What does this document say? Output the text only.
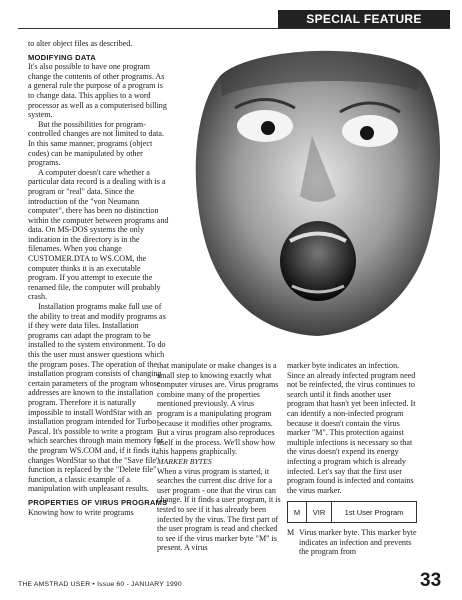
SPECIAL FEATURE

to alter object files as described.

MODIFYING DATA

It's also possible to have one program change the contents of other programs. As a general rule the purpose of a program is to change data. This applies to a word processor as well as a computerised billing system.

But the possibilities for program-controlled changes are not limited to data. In this same manner, programs (object codes) can be manipulated by other programs.

A computer doesn't care whether a particular data record is a dealing with is a program or "real" data. Since the introduction of the "von Neumann computer", there has been no distinction within the computer between programs and data. On MS-DOS systems the only indication in the directory is in the filenames. When you change CUSTOMER.DTA to WS.COM, the computer thinks it is an executable program. If you attempt to execute the renamed file, the computer will probably crash.

Installation programs make full use of the ability to treat and modify programs as if they were data files. Installation programs can adapt the program to be installed to the system environment. To do this the user must answer questions which the program poses. The operation of the installation program consists of changing certain parameters of the program whose addresses are known to the installation program. Therefore it is naturally impossible to install WordStar with an installation program intended for Turbo Pascal. It's possible to write a program which searches through main memory for the program WS.COM and, if it finds it, changes WordStar so that the "Save file" function is replaced by the "Delete file" function, a classic example of a manipulation with unpleasant results.

PROPERTIES OF VIRUS PROGRAMS

Knowing how to write programs

that manipulate or make changes is a small step to knowing exactly what computer viruses are. Virus programs combine many of the properties mentioned previously. A virus program is a manipulating program because it modifies other programs. But a virus program also reproduces itself in the process. We'll show how this happens graphically.

MARKER BYTES

When a virus program is started, it searches the current disc drive for a user program - one that the virus can change. If it finds a user program, it is tested to see if it has already been infected by the virus. The first part of the user program is read and checked to see if the virus marker byte "M" is present. A virus

marker byte indicates an infection. Since an already infected program need not be reinfected, the virus continues to search until it finds another user program that hasn't yet been infected. It can identify a non-infected program because it doesn't contain the virus marker "M". This protection against multiple infections is necessary so that the virus doesn't expend its energy infecting a program which is already infected. Let's say that the first user program found is infected and contains the virus marker.

M	VIR	1st User Program
M Virus marker byte. This marker byte indicates an infection and prevents the program from
THE AMSTRAD USER • Issue 60 - JANUARY 1990	33
